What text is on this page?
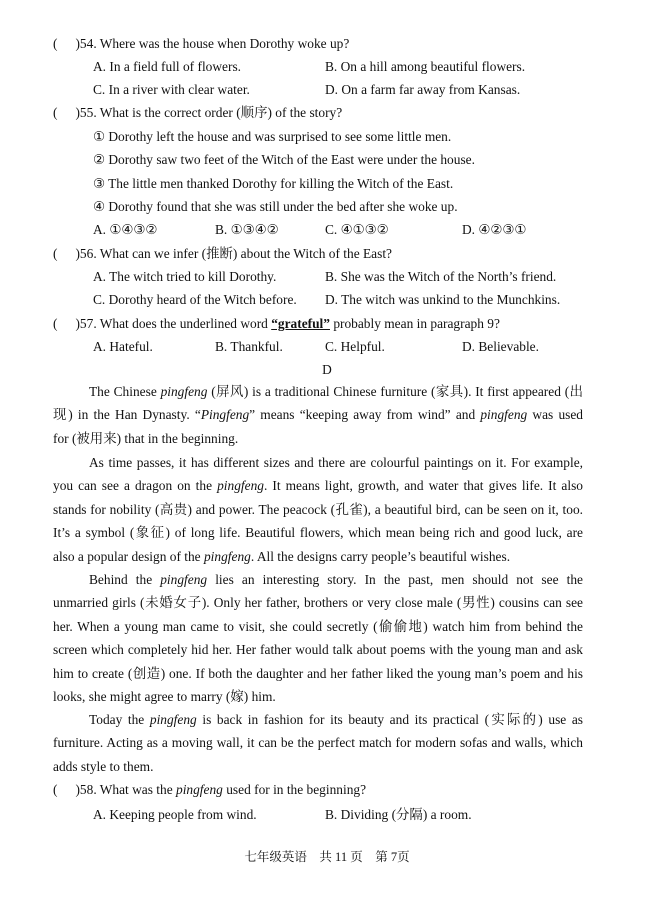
( )54. Where was the house when Dorothy woke up?
A. In a field full of flowers.	B. On a hill among beautiful flowers.
C. In a river with clear water.	D. On a farm far away from Kansas.
( )55. What is the correct order (顺序) of the story?
① Dorothy left the house and was surprised to see some little men.
② Dorothy saw two feet of the Witch of the East were under the house.
③ The little men thanked Dorothy for killing the Witch of the East.
④ Dorothy found that she was still under the bed after she woke up.
A. ①④③②	B. ①③④②	C. ④①③②	D. ④②③①
( )56. What can we infer (推断) about the Witch of the East?
A. The witch tried to kill Dorothy.	B. She was the Witch of the North’s friend.
C. Dorothy heard of the Witch before. D. The witch was unkind to the Munchkins.
( )57. What does the underlined word “grateful” probably mean in paragraph 9?
A. Hateful.	B. Thankful.	C. Helpful.	D. Believable.
D
The Chinese pingfeng (屏风) is a traditional Chinese furniture (家具). It first appeared (出
现) in the Han Dynasty. “Pingfeng” means “keeping away from wind” and pingfeng was used
for (被用来) that in the beginning.
As time passes, it has different sizes and there are colourful paintings on it. For example,
you can see a dragon on the pingfeng. It means light, growth, and water that gives life. It also
stands for nobility (高贵) and power. The peacock (孔雀), a beautiful bird, can be seen on it, too.
It’s a symbol (象征) of long life. Beautiful flowers, which mean being rich and good luck, are
also a popular design of the pingfeng. All the designs carry people’s beautiful wishes.
Behind the pingfeng lies an interesting story. In the past, men should not see the
unmarried girls (未婚女子). Only her father, brothers or very close male (男性) cousins can see
her. When a young man came to visit, she could secretly (偷偷地) watch him from behind the
screen which completely hid her. Her father would talk about poems with the young man and ask
him to create (创造) one. If both the daughter and her father liked the young man’s poem and his
looks, she might agree to marry (嫁) him.
Today the pingfeng is back in fashion for its beauty and its practical (实际的) use as
furniture. Acting as a moving wall, it can be the perfect match for modern sofas and walls, which
adds style to them.
( )58. What was the pingfeng used for in the beginning?
A. Keeping people from wind.	B. Dividing (分隔) a room.
七年级英语　共 11 页　第 7页
